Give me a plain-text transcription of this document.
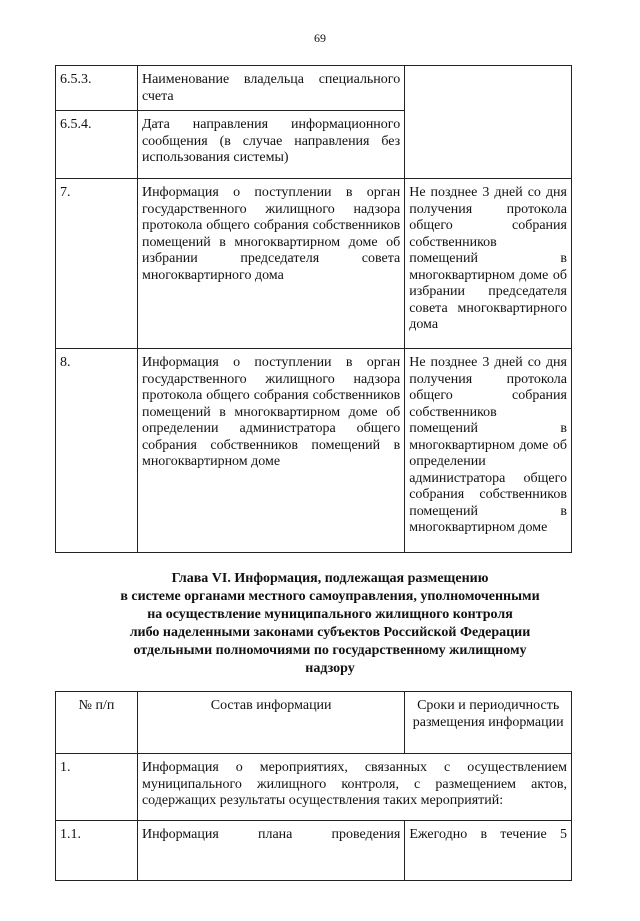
69
6.5.3.	Наименование владельца специального счета	
6.5.4.	Дата направления информационного сообщения (в случае направления без использования системы)	
7.	Информация о поступлении в орган государственного жилищного надзора протокола общего собрания собственников помещений в многоквартирном доме об избрании председателя совета многоквартирного дома	Не позднее 3 дней со дня получения протокола общего собрания собственников помещений в многоквартирном доме об избрании председателя совета многоквартирного дома
8.	Информация о поступлении в орган государственного жилищного надзора протокола общего собрания собственников помещений в многоквартирном доме об определении администратора общего собрания собственников помещений в многоквартирном доме	Не позднее 3 дней со дня получения протокола общего собрания собственников помещений в многоквартирном доме об определении администратора общего собрания собственников помещений в многоквартирном доме
Глава VI. Информация, подлежащая размещению
в системе органами местного самоуправления, уполномоченными
на осуществление муниципального жилищного контроля
либо наделенными законами субъектов Российской Федерации
отдельными полномочиями по государственному жилищному
надзору
№ п/п	Состав информации	Сроки и периодичность размещения информации
1.	Информация о мероприятиях, связанных с осуществлением муниципального жилищного контроля, с размещением актов, содержащих результаты осуществления таких мероприятий:	
1.1.	Информация плана проведения	Ежегодно в течение 5
